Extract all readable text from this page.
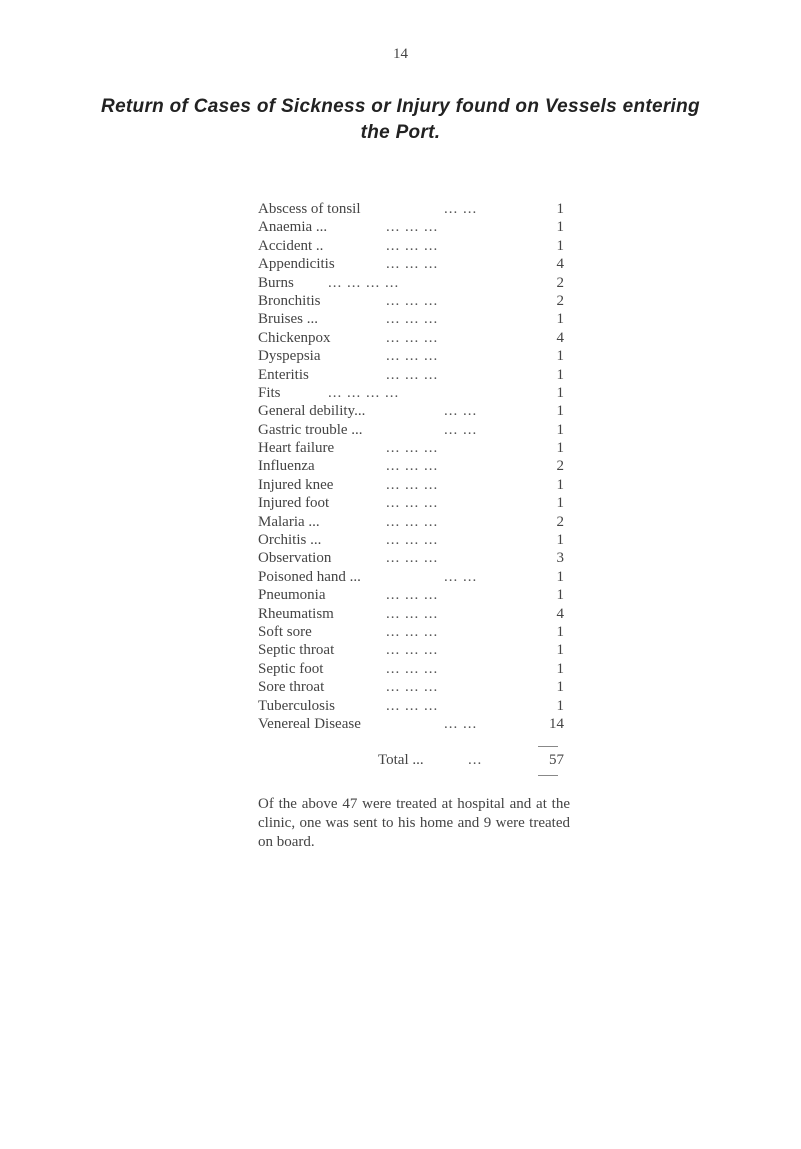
14
Return of Cases of Sickness or Injury found on Vessels entering
the Port.
Abscess of tonsil	... ...	1
Anaemia ...	... ... ...	1
Accident ..	... ... ...	1
Appendicitis	... ... ...	4
Burns ... ... ... ...	2
Bronchitis	... ... ...	2
Bruises ...	... ... ...	1
Chickenpox	... ... ...	4
Dyspepsia	... ... ...	1
Enteritis	... ... ...	1
Fits	... ... ... ...	1
General debility...	... ...	1
Gastric trouble ...	... ...	1
Heart failure	... ... ...	1
Influenza	... ... ...	2
Injured knee	... ... ...	1
Injured foot	... ... ...	1
Malaria ...	... ... ...	2
Orchitis ...	... ... ...	1
Observation	... ... ...	3
Poisoned hand ...	... ...	1
Pneumonia	... ... ...	1
Rheumatism	... ... ...	4
Soft sore	... ... ...	1
Septic throat	... ... ...	1
Septic foot	... ... ...	1
Sore throat	... ... ...	1
Tuberculosis	... ... ...	1
Venereal Disease	... ...	14
Total ...	...	57

Of the above 47 were treated at hospital and at the clinic, one was sent to his home and 9 were treated on board.
